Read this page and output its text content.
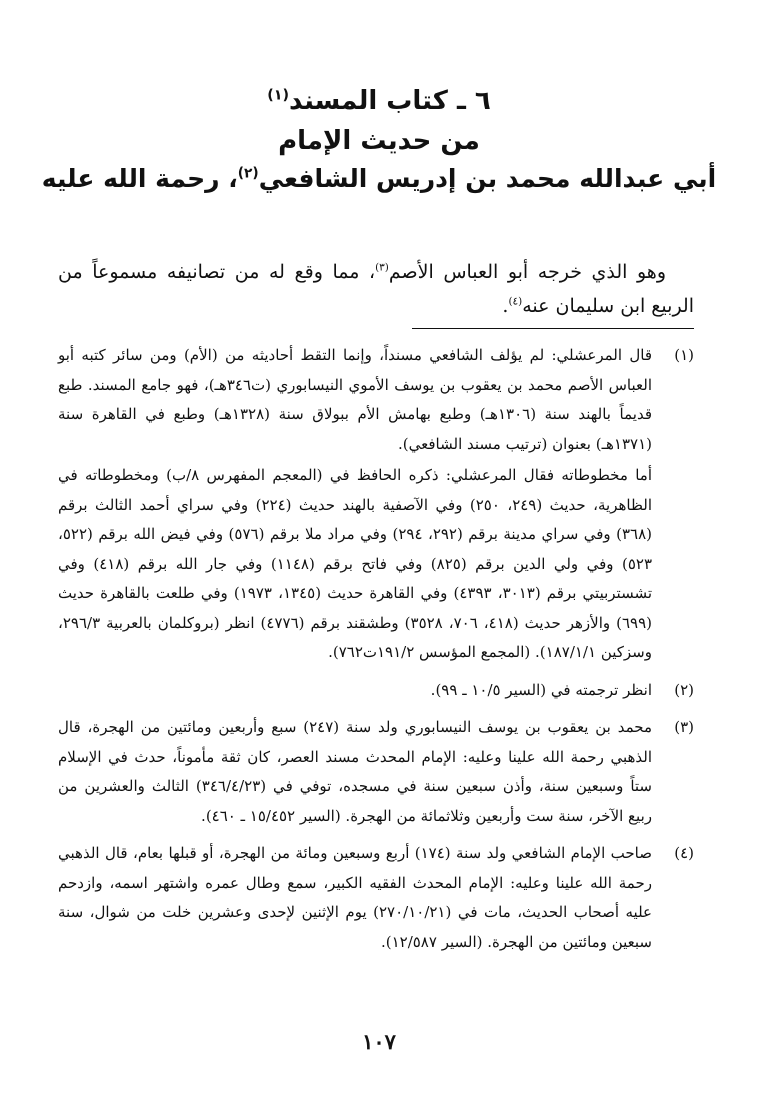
٦ ـ كتاب المسند$^{(١)}$
من حديث الإمام
أبي عبدالله محمد بن إدريس الشافعي$^{(٢)}$، رحمة الله عليه

وهو الذي خرجه أبو العباس الأصم$^{(٣)}$، مما وقع له من تصانيفه مسموعاً من الربيع ابن سليمان عنه$^{(٤)}$.

(١)

قال المرعشلي: لم يؤلف الشافعي مسنداً، وإنما التقط أحاديثه من (الأم) ومن سائر كتبه أبو العباس الأصم محمد بن يعقوب بن يوسف الأموي النيسابوري (ت٣٤٦هـ)، فهو جامع المسند. طبع قديماً بالهند سنة (١٣٠٦هـ) وطبع بهامش الأم ببولاق سنة (١٣٢٨هـ) وطبع في القاهرة سنة (١٣٧١هـ) بعنوان (ترتيب مسند الشافعي).

أما مخطوطاته فقال المرعشلي: ذكره الحافظ في (المعجم المفهرس ٨/ب) ومخطوطاته في الظاهرية، حديث (٢٤٩، ٢٥٠) وفي الآصفية بالهند حديث (٢٢٤) وفي سراي أحمد الثالث برقم (٣٦٨) وفي سراي مدينة برقم (٢٩٢، ٢٩٤) وفي مراد ملا برقم (٥٧٦) وفي فيض الله برقم (٥٢٢، ٥٢٣) وفي ولي الدين برقم (٨٢٥) وفي فاتح برقم (١١٤٨) وفي جار الله برقم (٤١٨) وفي تشستربيتي برقم (٣٠١٣، ٤٣٩٣) وفي القاهرة حديث (١٣٤٥، ١٩٧٣) وفي طلعت بالقاهرة حديث (٦٩٩) والأزهر حديث (٤١٨، ٧٠٦، ٣٥٢٨) وطشقند برقم (٤٧٧٦) انظر (بروكلمان بالعربية ٢٩٦/٣، وسزكين ١٨٧/١/١). (المجمع المؤسس ١٩١/٢ت٧٦٢).

(٢)

انظر ترجمته في (السير ١٠/٥ ـ ٩٩).

(٣)

محمد بن يعقوب بن يوسف النيسابوري ولد سنة (٢٤٧) سبع وأربعين ومائتين من الهجرة، قال الذهبي رحمة الله علينا وعليه: الإمام المحدث مسند العصر، كان ثقة مأموناً، حدث في الإسلام ستاً وسبعين سنة، وأذن سبعين سنة في مسجده، توفي في (٣٤٦/٤/٢٣) الثالث والعشرين من ربيع الآخر، سنة ست وأربعين وثلاثمائة من الهجرة. (السير ١٥/٤٥٢ ـ ٤٦٠).

(٤)

صاحب الإمام الشافعي ولد سنة (١٧٤) أربع وسبعين ومائة من الهجرة، أو قبلها بعام، قال الذهبي رحمة الله علينا وعليه: الإمام المحدث الفقيه الكبير، سمع وطال عمره واشتهر اسمه، وازدحم عليه أصحاب الحديث، مات في (٢٧٠/١٠/٢١) يوم الإثنين لإحدى وعشرين خلت من شوال، سنة سبعين ومائتين من الهجرة. (السير ١٢/٥٨٧).

١٠٧
